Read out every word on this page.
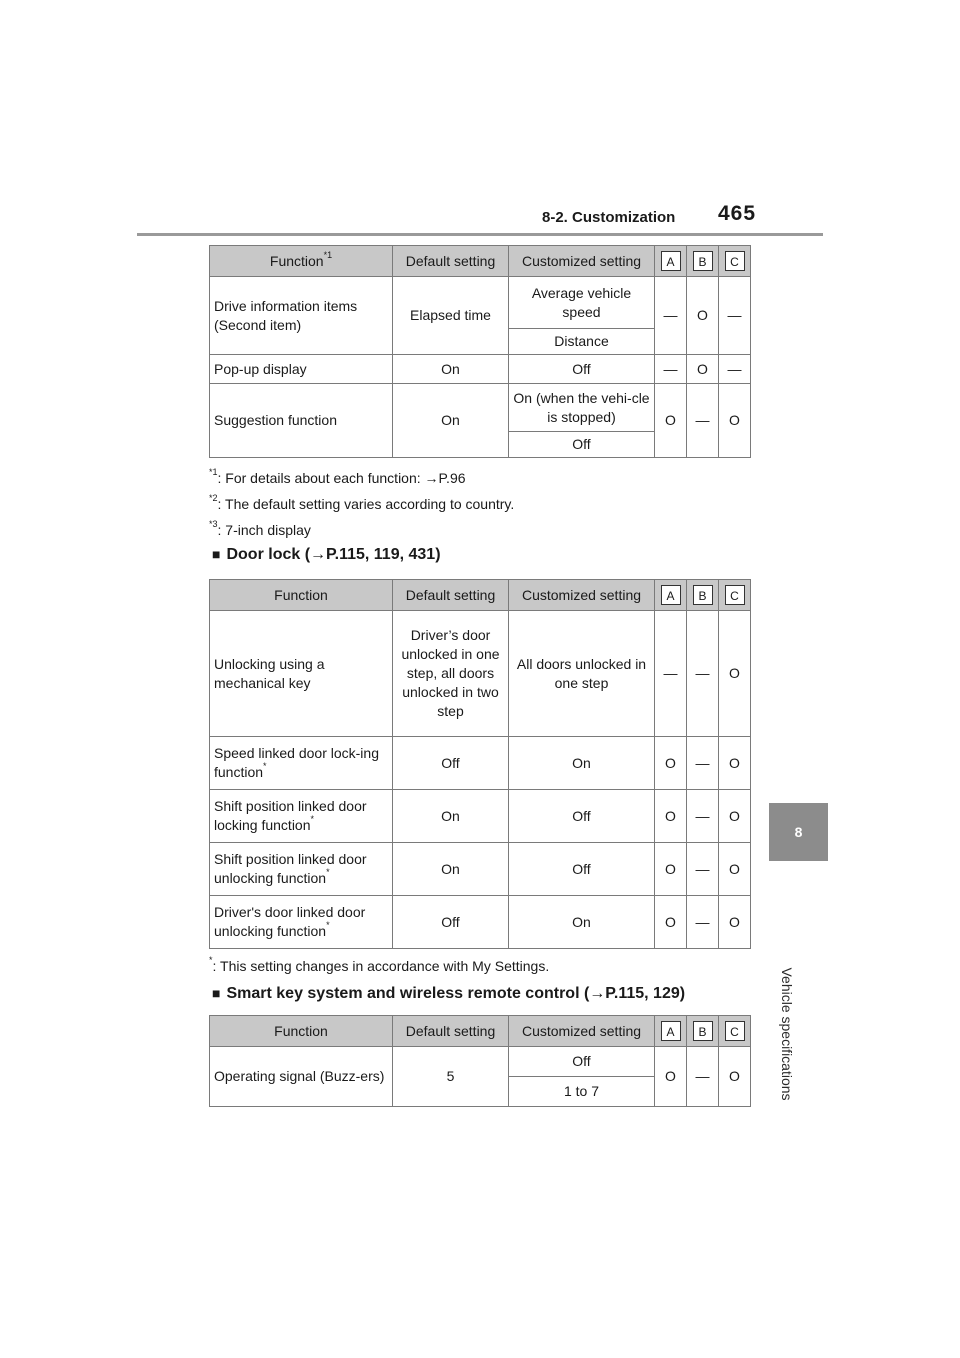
8-2. Customization 465
8
Vehicle specifications
Function$^{*1}$	Default setting	Customized setting	A	B	C
Drive information items (Second item)	Elapsed time	Average vehicle speed	—	O	—
		Distance			
Pop-up display	On	Off	—	O	—
Suggestion function	On	On (when the vehi-cle is stopped)	O	—	O
		Off			
$^{*1}$: For details about each function: →P.96
$^{*2}$: The default setting varies according to country.
$^{*3}$: 7-inch display
■ Door lock (→P.115, 119, 431)
Function	Default setting	Customized setting	A	B	C
Unlocking using a mechanical key	Driver’s door unlocked in one step, all doors unlocked in two step	All doors unlocked in one step	—	—	O
Speed linked door lock-ing function*	Off	On	O	—	O
Shift position linked door locking function*	On	Off	O	—	O
Shift position linked door unlocking function*	On	Off	O	—	O
Driver's door linked door unlocking function*	Off	On	O	—	O
*: This setting changes in accordance with My Settings.
■ Smart key system and wireless remote control (→P.115, 129)
Function	Default setting	Customized setting	A	B	C
Operating signal (Buzz-ers)	5	Off	O	—	O
		1 to 7			
